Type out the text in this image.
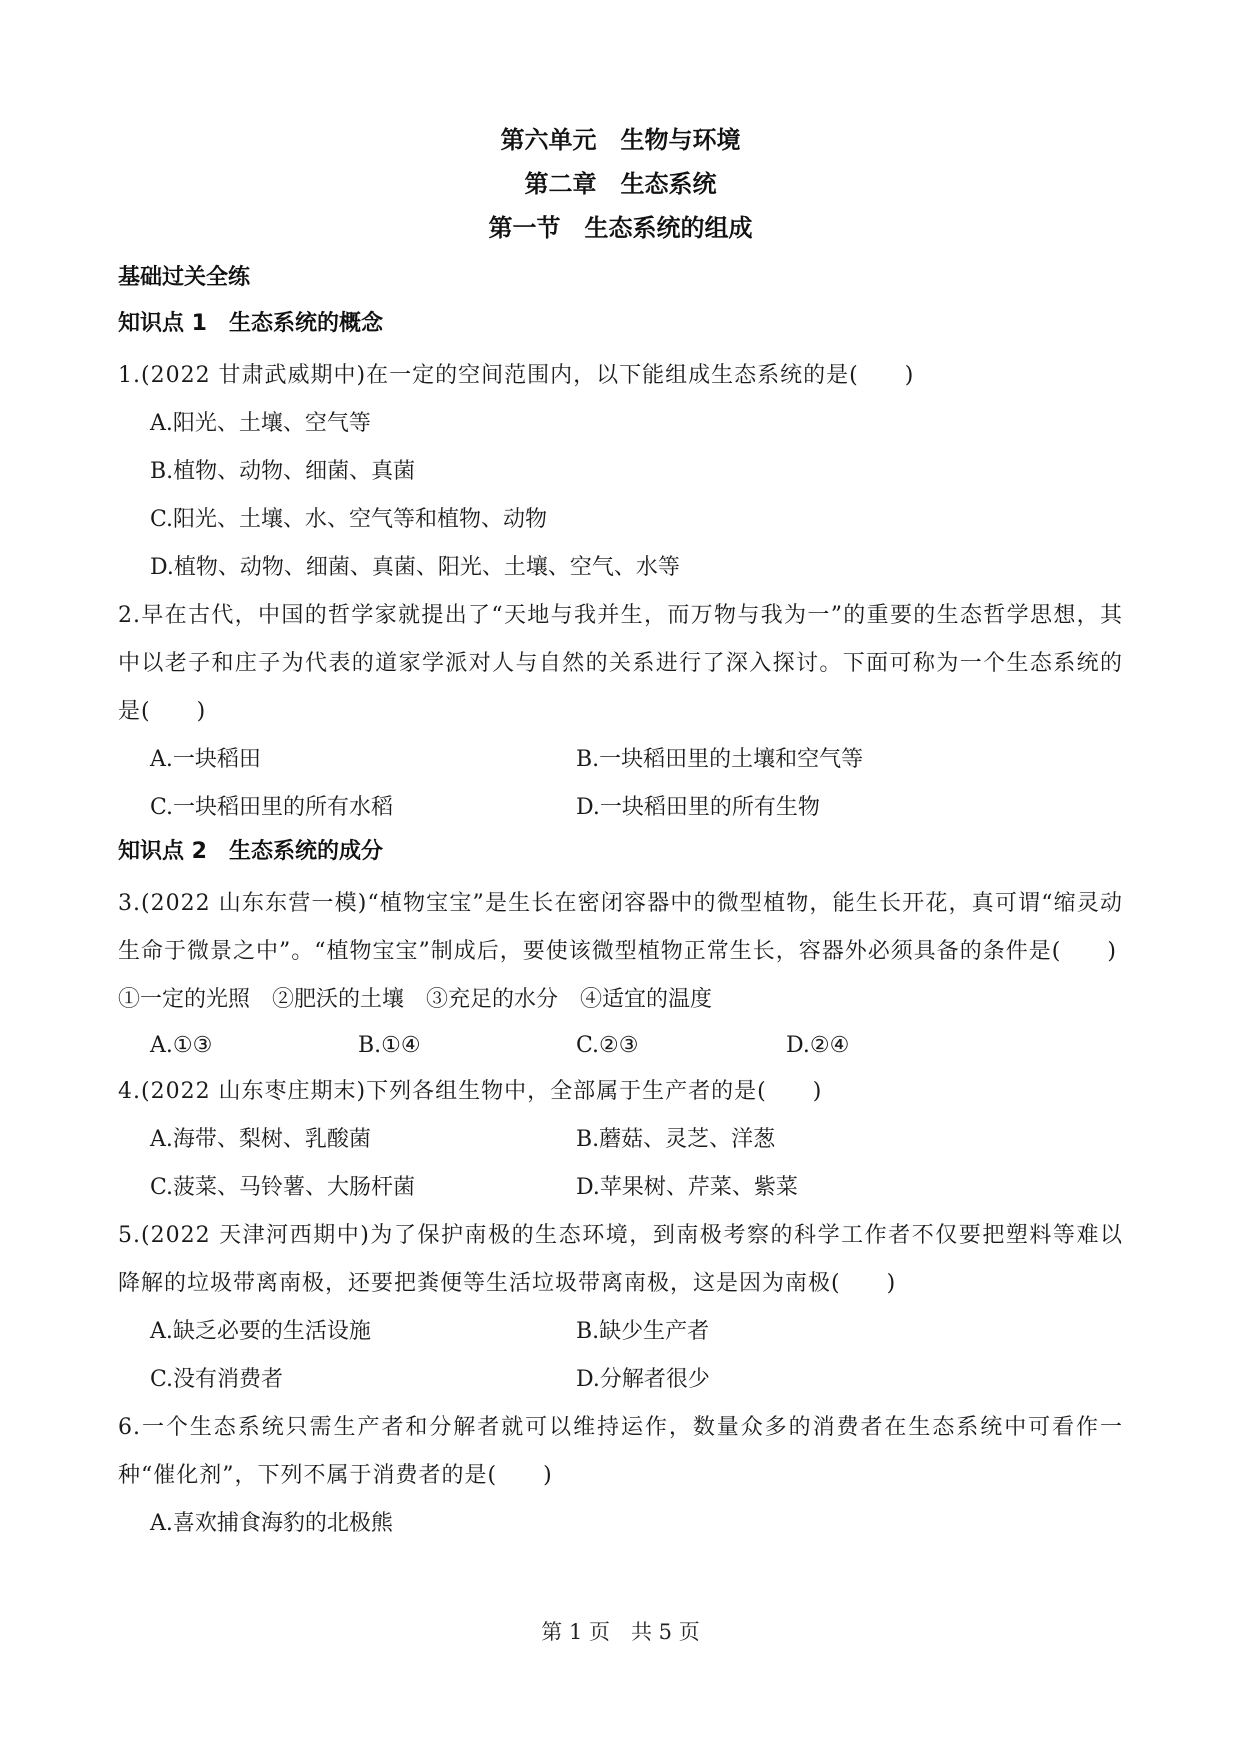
第六单元　生物与环境
第二章　生态系统
第一节　生态系统的组成
基础过关全练
知识点 1　生态系统的概念
1.(2022 甘肃武威期中)在一定的空间范围内，以下能组成生态系统的是(　　)
A.阳光、土壤、空气等
B.植物、动物、细菌、真菌
C.阳光、土壤、水、空气等和植物、动物
D.植物、动物、细菌、真菌、阳光、土壤、空气、水等
2.早在古代，中国的哲学家就提出了“天地与我并生，而万物与我为一”的重要的生态哲学思想，其中以老子和庄子为代表的道家学派对人与自然的关系进行了深入探讨。下面可称为一个生态系统的是(　　)
A.一块稻田	B.一块稻田里的土壤和空气等
C.一块稻田里的所有水稻	D.一块稻田里的所有生物
知识点 2　生态系统的成分
3.(2022 山东东营一模)“植物宝宝”是生长在密闭容器中的微型植物，能生长开花，真可谓“缩灵动生命于微景之中”。“植物宝宝”制成后，要使该微型植物正常生长，容器外必须具备的条件是(　　)
①一定的光照　②肥沃的土壤　③充足的水分　④适宜的温度
A.①③	B.①④	C.②③	D.②④
4.(2022 山东枣庄期末)下列各组生物中，全部属于生产者的是(　　)
A.海带、梨树、乳酸菌	B.蘑菇、灵芝、洋葱
C.菠菜、马铃薯、大肠杆菌	D.苹果树、芹菜、紫菜
5.(2022 天津河西期中)为了保护南极的生态环境，到南极考察的科学工作者不仅要把塑料等难以降解的垃圾带离南极，还要把粪便等生活垃圾带离南极，这是因为南极(　　)
A.缺乏必要的生活设施	B.缺少生产者
C.没有消费者	D.分解者很少
6.一个生态系统只需生产者和分解者就可以维持运作，数量众多的消费者在生态系统中可看作一种“催化剂”，下列不属于消费者的是(　　)
A.喜欢捕食海豹的北极熊
第 1 页　共 5 页
